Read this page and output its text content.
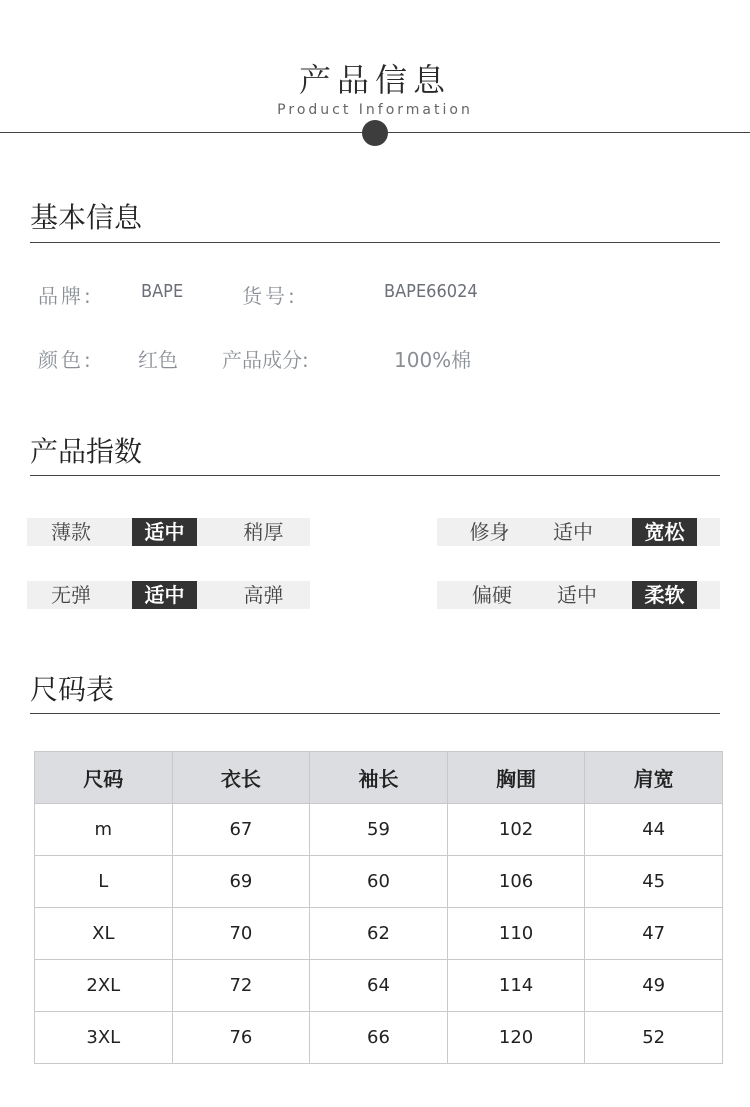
产品信息
Product Information
基本信息
品牌:	BAPE	货号:	BAPE66024
颜色: 红色 产品成分:	100%棉
产品指数
薄款	适中	稍厚	修身	适中	宽松
无弹	适中	高弹	偏硬	适中	柔软
尺码表
尺码	衣长	袖长	胸围	肩宽
m	67	59	102	44
L	69	60	106	45
XL	70	62	110	47
2XL	72	64	114	49
3XL	76	66	120	52
